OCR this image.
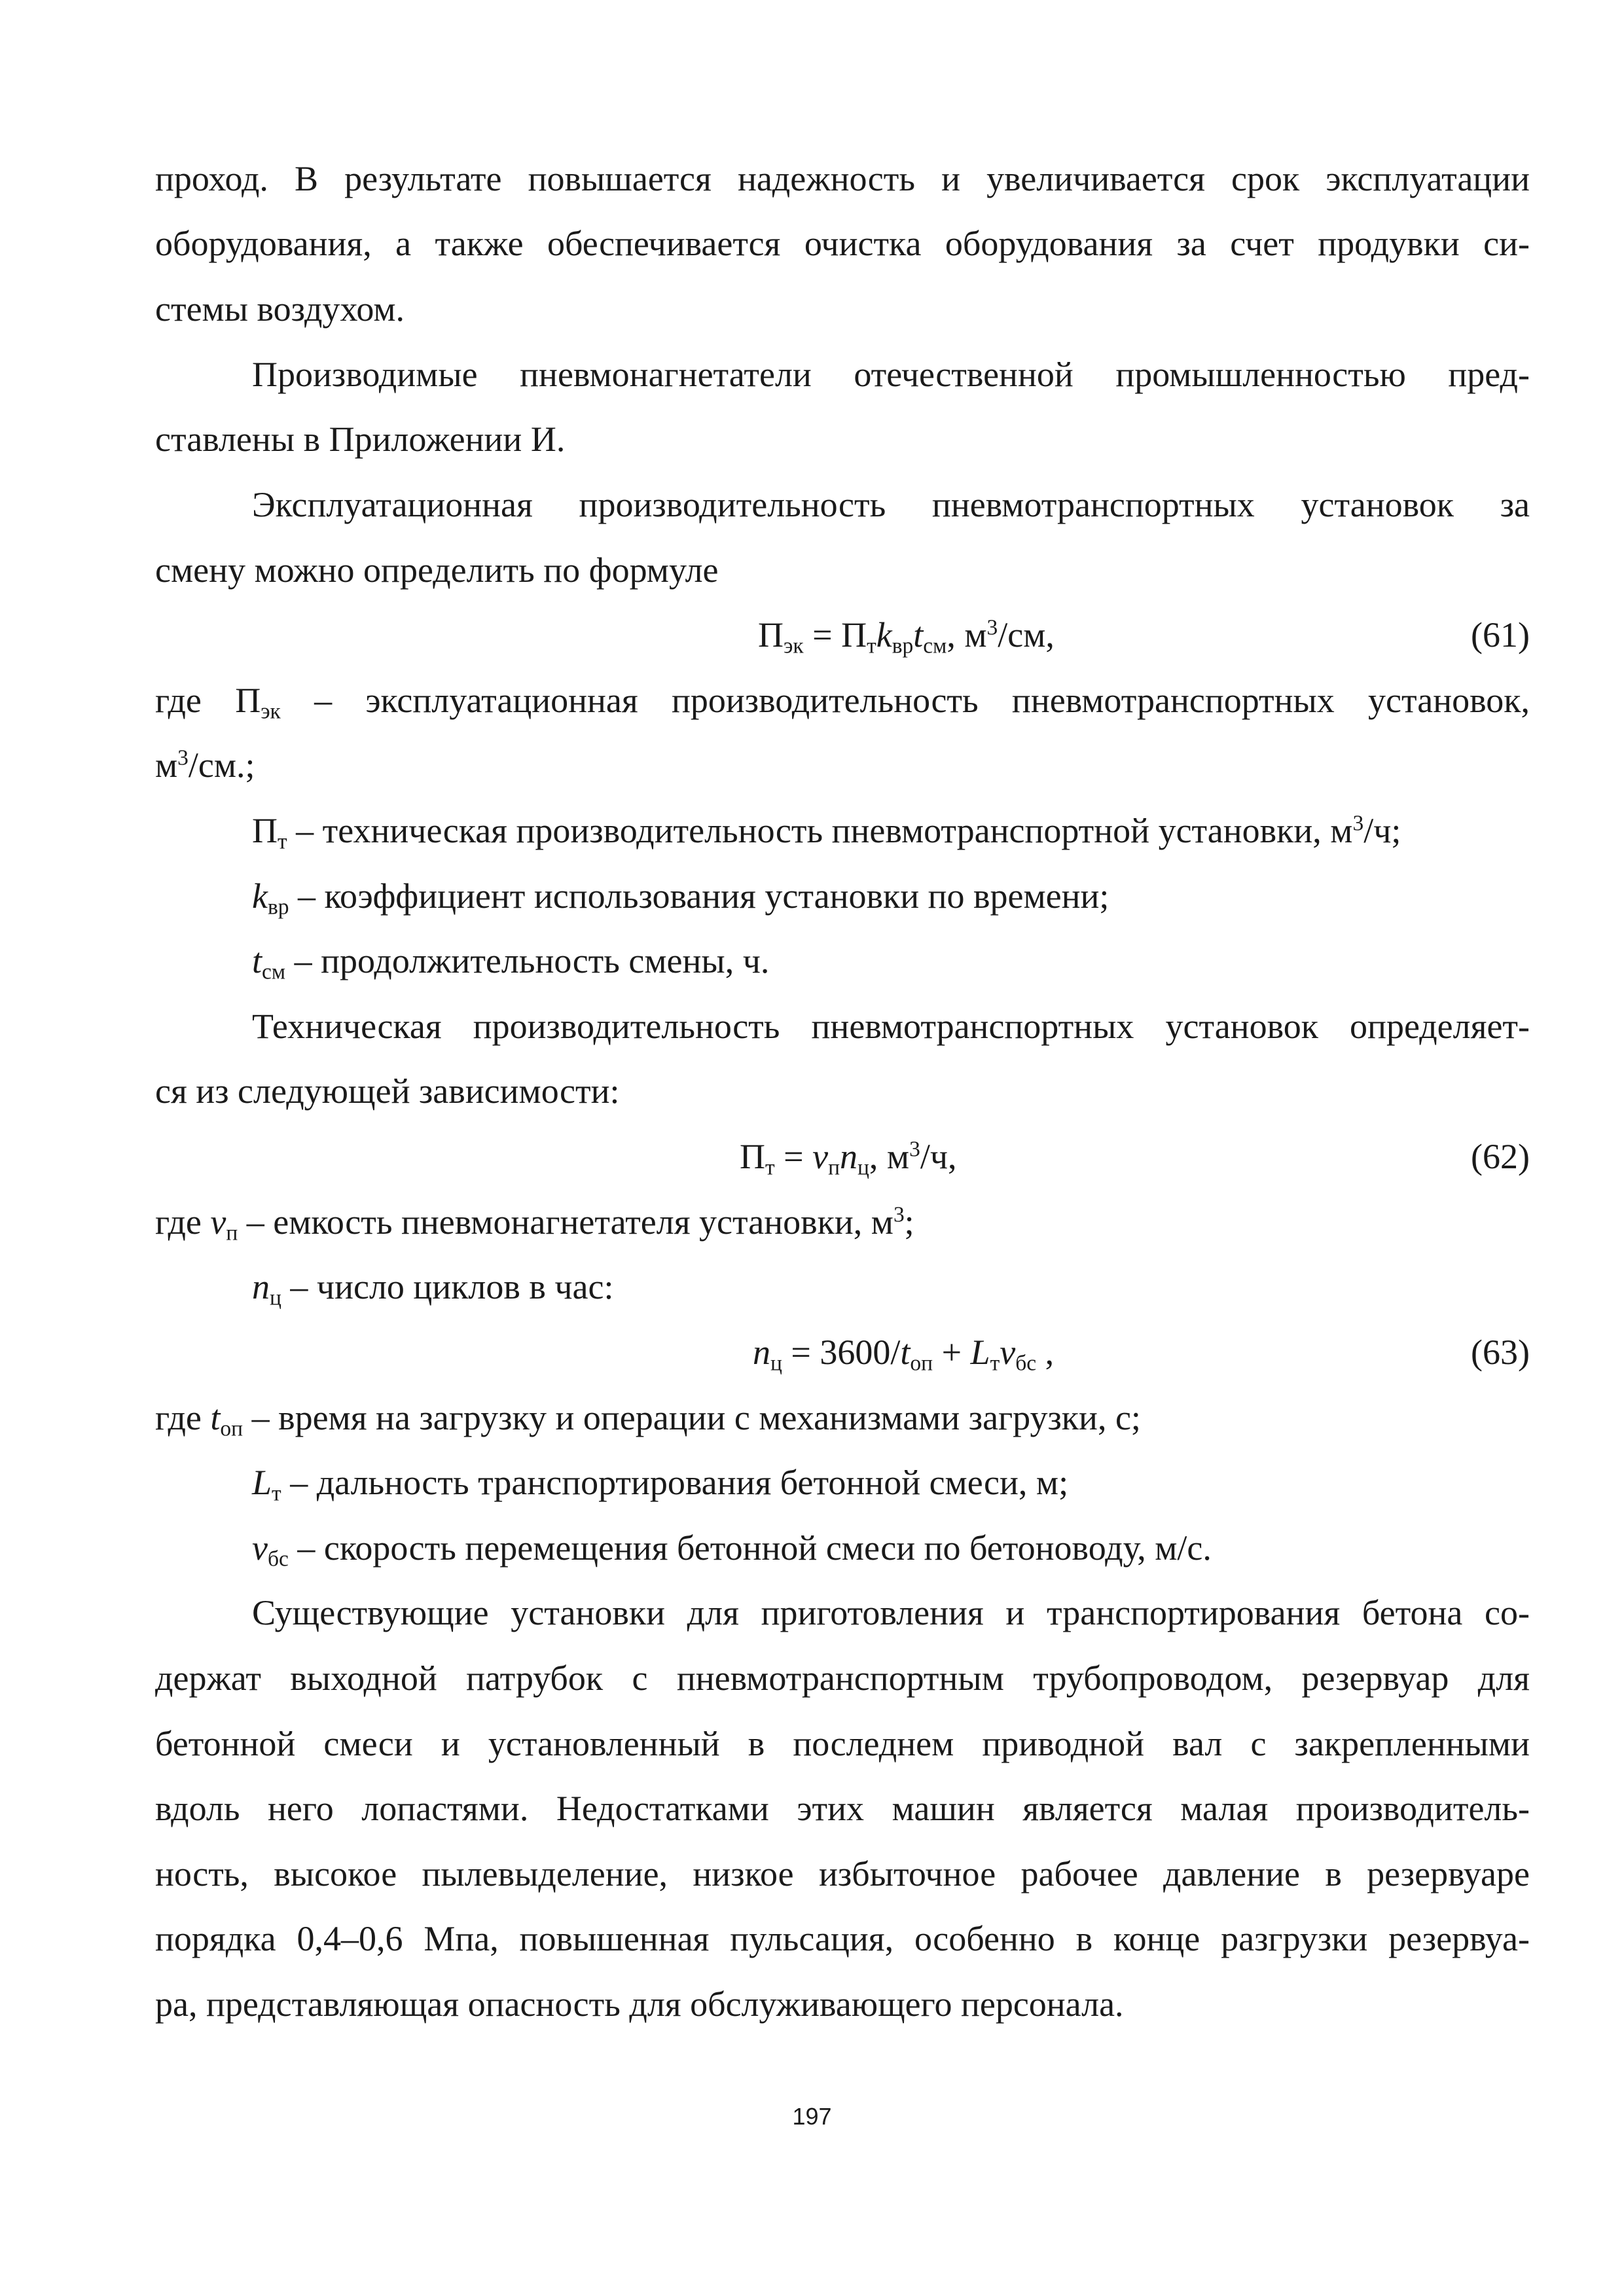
проход. В результате повышается надежность и увеличивается срок эксплуатации
оборудования, а также обеспечивается очистка оборудования за счет продувки си-
стемы воздухом.
Производимые пневмонагнетатели отечественной промышленностью пред-
ставлены в Приложении И.
Эксплуатационная производительность пневмотранспортных установок за
смену можно определить по формуле
$П_{эк} = П_тk_{вр}t_{см}$, $м^3/см$,	(61)
где $П_{эк}$ – эксплуатационная производительность пневмотранспортных установок,
$м^3/см$.;
$П_т$ – техническая производительность пневмотранспортной установки, $м^3/ч$;
$k_{вр}$ – коэффициент использования установки по времени;
$t_{см}$ – продолжительность смены, ч.
Техническая производительность пневмотранспортных установок определяет-
ся из следующей зависимости:
$П_т = v_пn_ц$, $м^3/ч$,	(62)
где $v_п$ – емкость пневмонагнетателя установки, $м^3$;
$n_ц$ – число циклов в час:
$n_ц = 3600/t_{оп} + L_тv_{бс}$ ,	(63)
где $t_{оп}$ – время на загрузку и операции с механизмами загрузки, с;
$L_т$ – дальность транспортирования бетонной смеси, м;
$v_{бс}$ – скорость перемещения бетонной смеси по бетоноводу, м/с.
Существующие установки для приготовления и транспортирования бетона со-
держат выходной патрубок с пневмотранспортным трубопроводом, резервуар для
бетонной смеси и установленный в последнем приводной вал с закрепленными
вдоль него лопастями. Недостатками этих машин является малая производитель-
ность, высокое пылевыделение, низкое избыточное рабочее давление в резервуаре
порядка 0,4–0,6 Мпа, повышенная пульсация, особенно в конце разгрузки резервуа-
ра, представляющая опасность для обслуживающего персонала.
197
